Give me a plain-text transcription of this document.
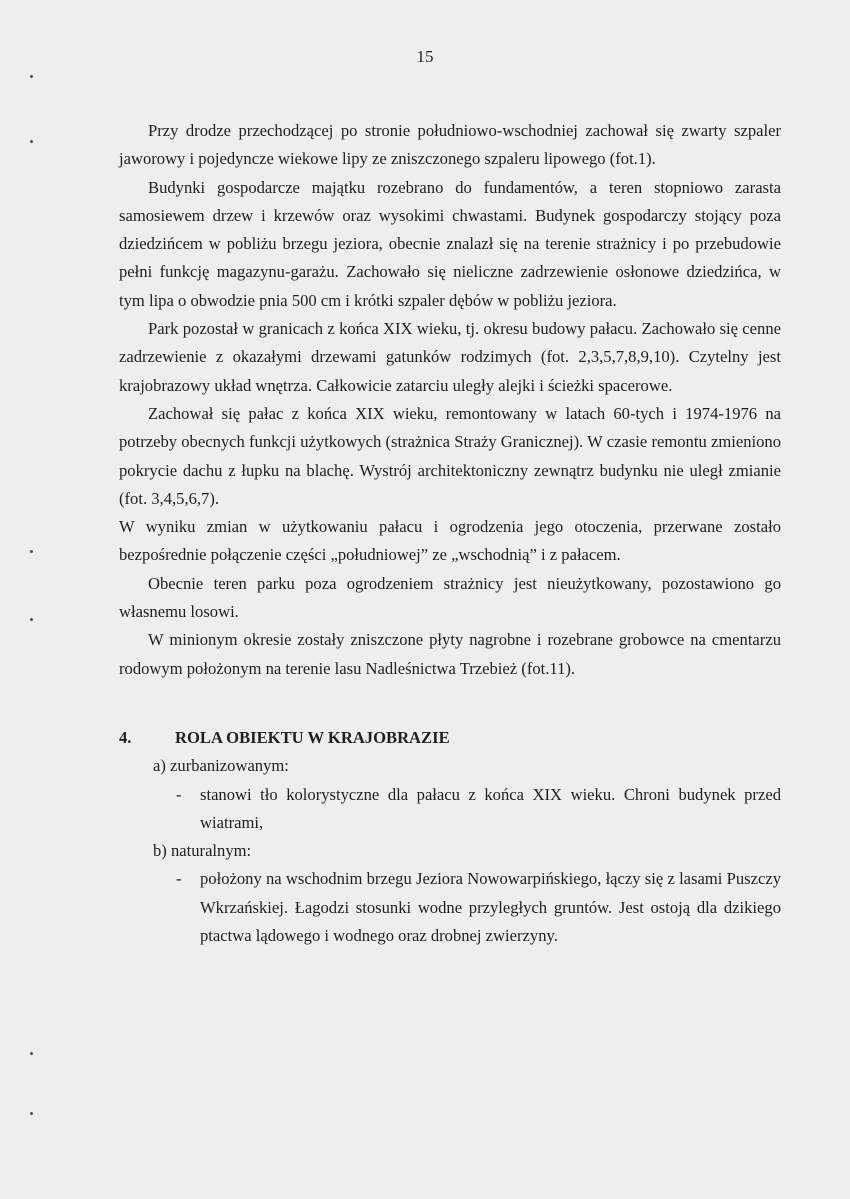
15

Przy drodze przechodzącej po stronie południowo-wschodniej zachował się zwarty szpaler jaworowy i pojedyncze wiekowe lipy ze zniszczonego szpaleru lipowego (fot.1).

Budynki gospodarcze majątku rozebrano do fundamentów, a teren stopniowo zarasta samosiewem drzew i krzewów oraz wysokimi chwastami. Budynek gospodarczy stojący poza dziedzińcem w pobliżu brzegu jeziora, obecnie znalazł się na terenie strażnicy i po przebudowie pełni funkcję magazynu-garażu. Zachowało się nieliczne zadrzewienie osłonowe dziedzińca, w tym lipa o obwodzie pnia 500 cm i krótki szpaler dębów w pobliżu jeziora.

Park pozostał w granicach z końca XIX wieku, tj. okresu budowy pałacu. Zachowało się cenne zadrzewienie z okazałymi drzewami gatunków rodzimych (fot. 2,3,5,7,8,9,10). Czytelny jest krajobrazowy układ wnętrza. Całkowicie zatarciu uległy alejki i ścieżki spacerowe.

Zachował się pałac z końca XIX wieku, remontowany w latach 60-tych i 1974-1976 na potrzeby obecnych funkcji użytkowych (strażnica Straży Granicznej). W czasie remontu zmieniono pokrycie dachu z łupku na blachę. Wystrój architektoniczny zewnątrz budynku nie uległ zmianie (fot. 3,4,5,6,7).

W wyniku zmian w użytkowaniu pałacu i ogrodzenia jego otoczenia, przerwane zostało bezpośrednie połączenie części „południowej” ze „wschodnią” i z pałacem.

Obecnie teren parku poza ogrodzeniem strażnicy jest nieużytkowany, pozostawiono go własnemu losowi.

W minionym okresie zostały zniszczone płyty nagrobne i rozebrane grobowce na cmentarzu rodowym położonym na terenie lasu Nadleśnictwa Trzebież (fot.11).

4.	ROLA OBIEKTU W KRAJOBRAZIE
a) zurbanizowanym:
-	stanowi tło kolorystyczne dla pałacu z końca XIX wieku. Chroni budynek przed wiatrami,
b) naturalnym:
-	położony na wschodnim brzegu Jeziora Nowowarpińskiego, łączy się z lasami Puszczy Wkrzańskiej. Łagodzi stosunki wodne przyległych gruntów. Jest ostoją dla dzikiego ptactwa lądowego i wodnego oraz drobnej zwierzyny.
